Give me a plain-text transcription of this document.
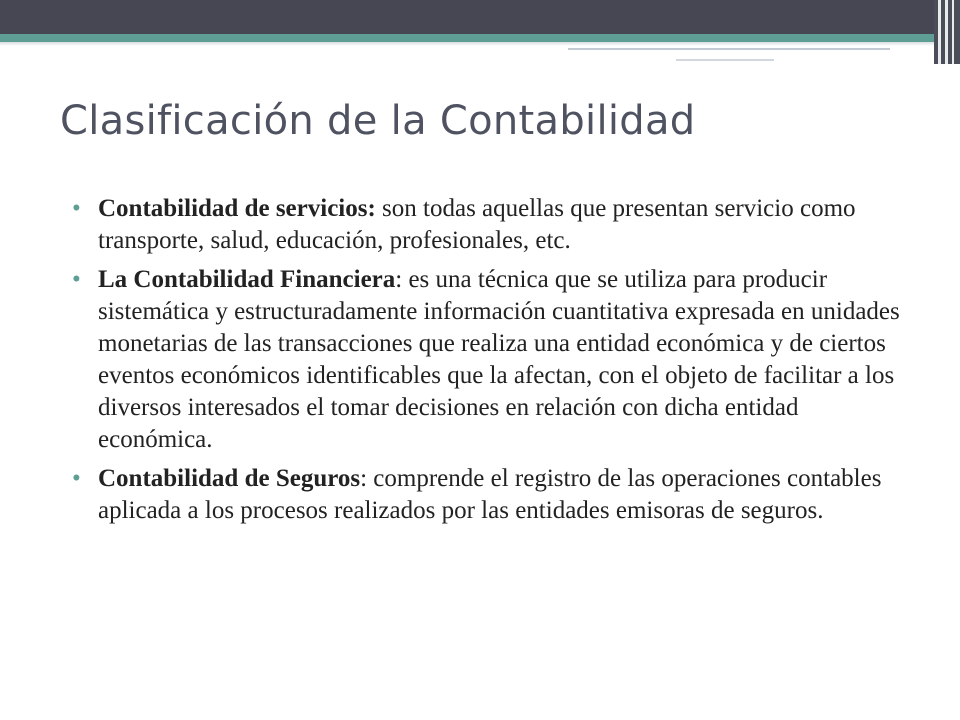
Clasificación de la Contabilidad
• Contabilidad de servicios: son todas aquellas que presentan servicio como transporte, salud, educación, profesionales, etc.
• La Contabilidad Financiera: es una técnica que se utiliza para producir sistemática y estructuradamente información cuantitativa expresada en unidades monetarias de las transacciones que realiza una entidad económica y de ciertos eventos económicos identificables que la afectan, con el objeto de facilitar a los diversos interesados el tomar decisiones en relación con dicha entidad económica.
• Contabilidad de Seguros: comprende el registro de las operaciones contables aplicada a los procesos realizados por las entidades emisoras de seguros.
